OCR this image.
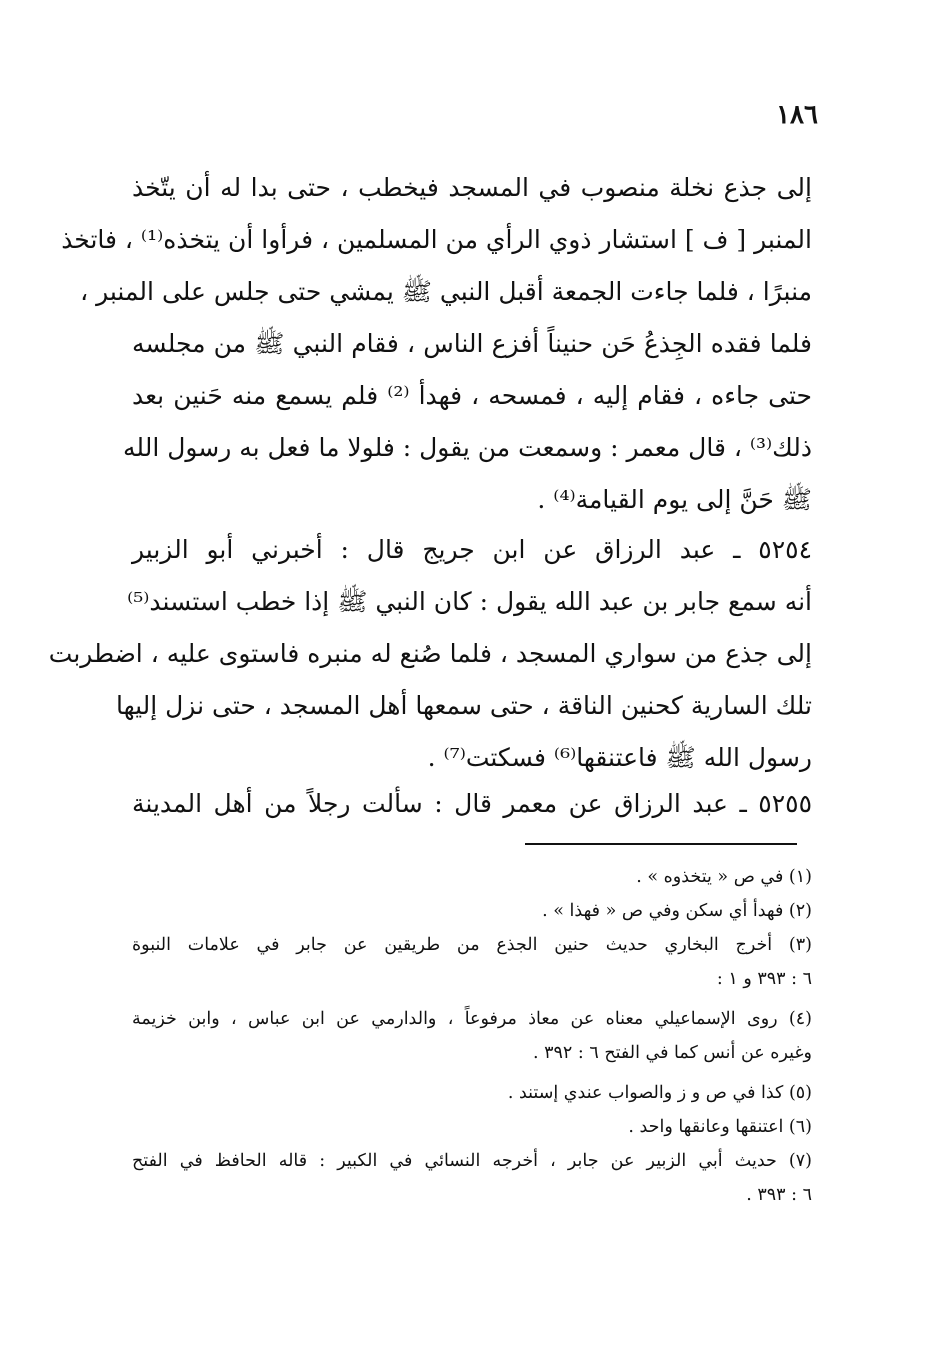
١٨٦
إلى جذع نخلة منصوب في المسجد فيخطب ، حتى بدا له أن يتّخذ
المنبر [ ف ] استشار ذوي الرأي من المسلمين ، فرأوا أن يتخذه⁽¹⁾ ، فاتخذ
منبرًا ، فلما جاءت الجمعة أقبل النبي ﷺ يمشي حتى جلس على المنبر ،
فلما فقده الجِذعُ حَن حنيناً أفزع الناس ، فقام النبي ﷺ من مجلسه
حتى جاءه ، فقام إليه ، فمسحه ، فهدأ ⁽²⁾ فلم يسمع منه حَنين بعد
ذلك⁽³⁾ ، قال معمر : وسمعت من يقول : فلولا ما فعل به رسول الله
ﷺ حَنَّ إلى يوم القيامة⁽⁴⁾ .
٥٢٥٤ ـ عبد الرزاق عن ابن جريج قال : أخبرني أبو الزبير
أنه سمع جابر بن عبد الله يقول : كان النبي ﷺ إذا خطب استسند⁽⁵⁾
إلى جذع من سواري المسجد ، فلما صُنع له منبره فاستوى عليه ، اضطربت
تلك السارية كحنين الناقة ، حتى سمعها أهل المسجد ، حتى نزل إليها
رسول الله ﷺ فاعتنقها⁽⁶⁾ فسكتت⁽⁷⁾ .
٥٢٥٥ ـ عبد الرزاق عن معمر قال : سألت رجلاً من أهل المدينة
(١) في ص « يتخذوه » .
(٢) فهدأ أي سكن وفي ص « فهذا » .
(٣) أخرج البخاري حديث حنين الجذع من طريقين عن جابر في علامات النبوة
٦ : ٣٩٣ و ١ :
(٤) روى الإسماعيلي معناه عن معاذ مرفوعاً ، والدارمي عن ابن عباس ، وابن خزيمة
وغيره عن أنس كما في الفتح ٦ : ٣٩٢ .
(٥) كذا في ص و ز والصواب عندي إستند .
(٦) اعتنقها وعانقها واحد .
(٧) حديث أبي الزبير عن جابر ، أخرجه النسائي في الكبير : قاله الحافظ في الفتح
٦ : ٣٩٣ .
